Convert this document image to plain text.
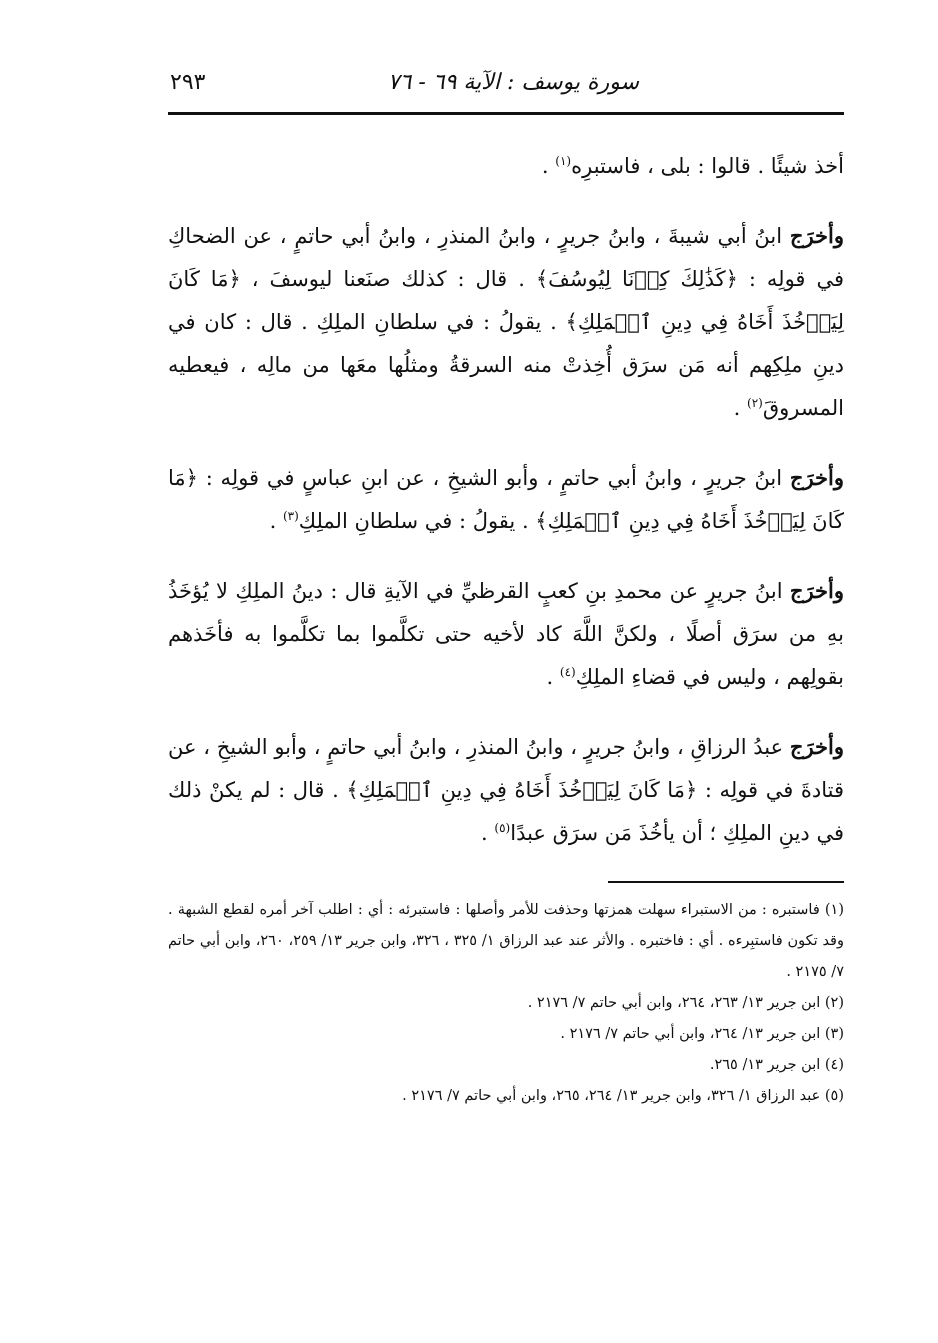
سورة يوسف : الآية ٦٩ - ٧٦
٢٩٣

أخذ شيئًا . قالوا : بلى ، فاستبرِه$^{(١)}$ .

وأخرَج ابنُ أبي شيبةَ ، وابنُ جريرٍ ، وابنُ المنذرِ ، وابنُ أبي حاتمٍ ، عن الضحاكِ في قولِه : ﴿كَذَٰلِكَ كِدۡنَا لِيُوسُفَ﴾ . قال : كذلك صنَعنا ليوسفَ ، ﴿مَا كَانَ لِيَأۡخُذَ أَخَاهُ فِي دِينِ ٱلۡمَلِكِ﴾ . يقولُ : في سلطانِ الملِكِ . قال : كان في دينِ ملِكِهم أنه مَن سرَق أُخِذتْ منه السرقةُ ومثلُها معَها من مالِه ، فيعطيه المسروقَ$^{(٢)}$ .

وأخرَج ابنُ جريرٍ ، وابنُ أبي حاتمٍ ، وأبو الشيخِ ، عن ابنِ عباسٍ في قولِه : ﴿مَا كَانَ لِيَأۡخُذَ أَخَاهُ فِي دِينِ ٱلۡمَلِكِ﴾ . يقولُ : في سلطانِ الملِكِ$^{(٣)}$ .

وأخرَج ابنُ جريرٍ عن محمدِ بنِ كعبٍ القرظيِّ في الآيةِ قال : دينُ الملِكِ لا يُؤخَذُ بهِ من سرَق أصلًا ، ولكنَّ اللَّهَ كاد لأخيه حتى تكلَّموا بما تكلَّموا به فأخَذهم بقولِهم ، وليس في قضاءِ الملِكِ$^{(٤)}$ .

وأخرَج عبدُ الرزاقِ ، وابنُ جريرٍ ، وابنُ المنذرِ ، وابنُ أبي حاتمٍ ، وأبو الشيخِ ، عن قتادةَ في قولِه : ﴿مَا كَانَ لِيَأۡخُذَ أَخَاهُ فِي دِينِ ٱلۡمَلِكِ﴾ . قال : لم يكنْ ذلك في دينِ الملِكِ ؛ أن يأخُذَ مَن سرَق عبدًا$^{(٥)}$ .

(١) فاستبره : من الاستبراء سهلت همزتها وحذفت للأمر وأصلها : فاستبرئه : أي : اطلب آخر أمره لقطع الشبهة . وقد تكون فاستبِرءه . أي : فاختبره . والأثر عند عبد الرزاق ١/ ٣٢٥ ، ٣٢٦، وابن جرير ١٣/ ٢٥٩، ٢٦٠، وابن أبي حاتم ٧/ ٢١٧٥ .

(٢) ابن جرير ١٣/ ٢٦٣، ٢٦٤، وابن أبي حاتم ٧/ ٢١٧٦ .

(٣) ابن جرير ١٣/ ٢٦٤، وابن أبي حاتم ٧/ ٢١٧٦ .

(٤) ابن جرير ١٣/ ٢٦٥.

(٥) عبد الرزاق ١/ ٣٢٦، وابن جرير ١٣/ ٢٦٤، ٢٦٥، وابن أبي حاتم ٧/ ٢١٧٦ .
